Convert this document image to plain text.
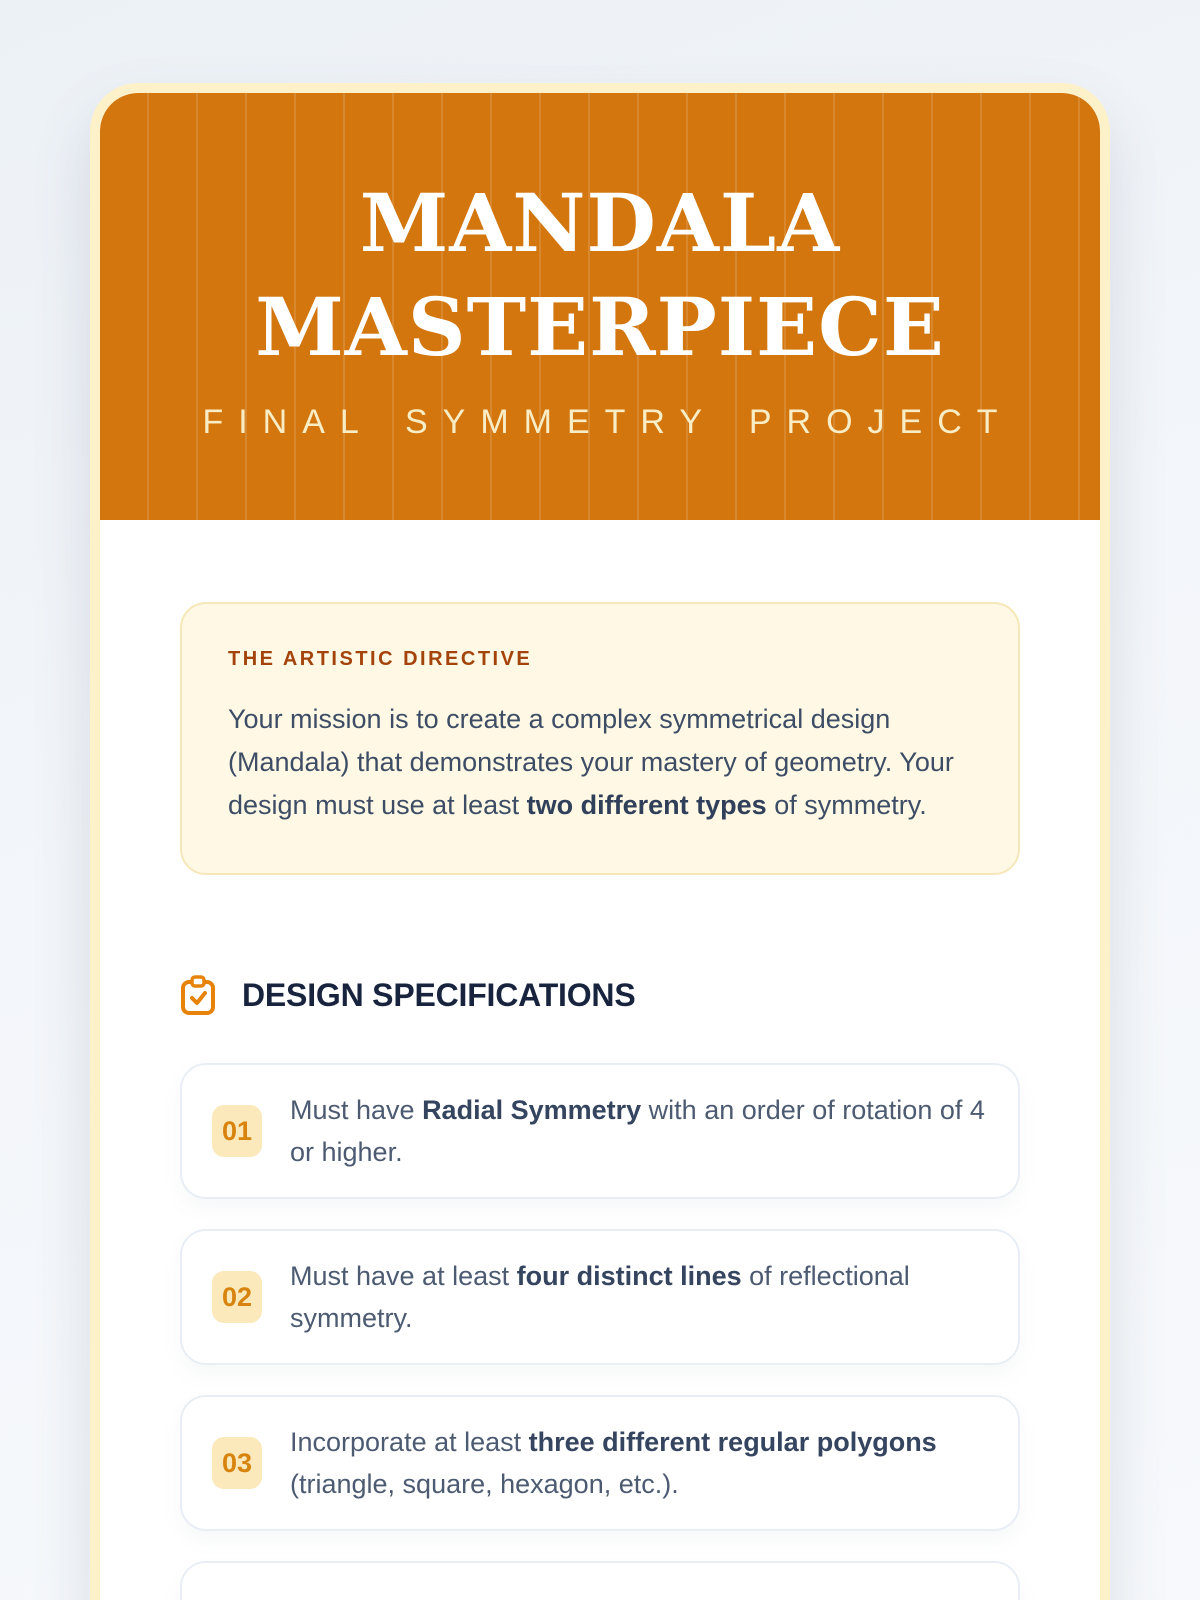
MANDALA
MASTERPIECE
FINAL SYMMETRY PROJECT
THE ARTISTIC DIRECTIVE

Your mission is to create a complex symmetrical design (Mandala) that demonstrates your mastery of geometry. Your design must use at least two different types of symmetry.

DESIGN SPECIFICATIONS
01

Must have Radial Symmetry with an order of rotation of 4 or higher.

02

Must have at least four distinct lines of reflectional symmetry.

03

Incorporate at least three different regular polygons (triangle, square, hexagon, etc.).
